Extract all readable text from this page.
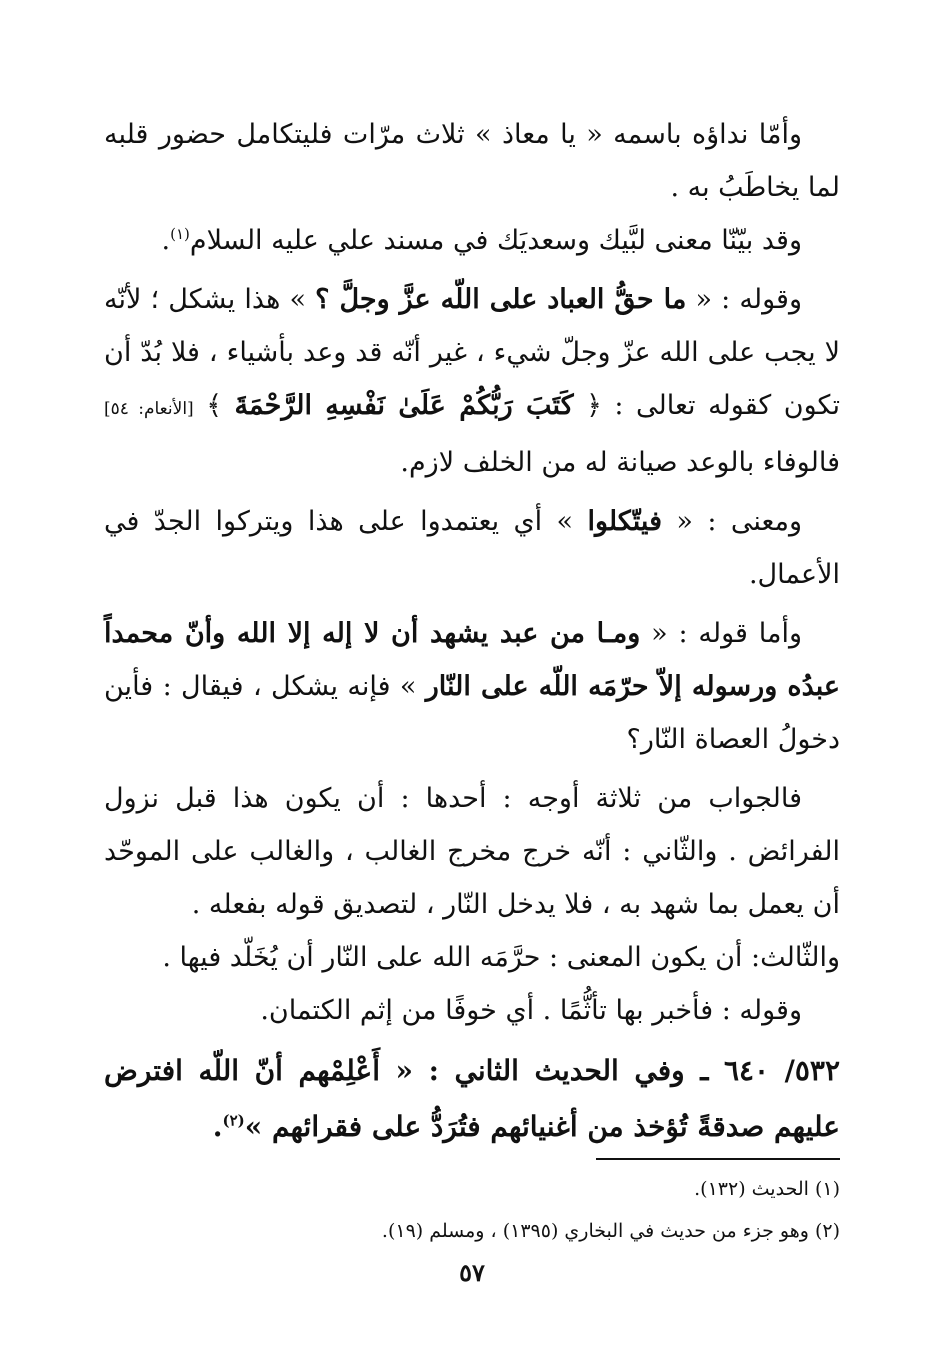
وأمّا نداؤه باسمه « يا معاذ » ثلاث مرّات فليتكامل حضور قلبه لما يخاطَبُ به .

وقد بيّنّا معنى لبَّيك وسعديَك في مسند علي عليه السلام$^{(١)}$.

وقوله : « ما حقُّ العباد على اللّه عزَّ وجلَّ ؟ » هذا يشكل ؛ لأنّه لا يجب على الله عزّ وجلّ شيء ، غير أنّه قد وعد بأشياء ، فلا بُدّ أن تكون كقوله تعالى : ﴿ كَتَبَ رَبُّكُمْ عَلَىٰ نَفْسِهِ الرَّحْمَةَ ﴾ [الأنعام: ٥٤] فالوفاء بالوعد صيانة له من الخلف لازم.

ومعنى : « فيتّكلوا » أي يعتمدوا على هذا ويتركوا الجدّ في الأعمال.

وأما قوله : « ومـا من عبد يشهد أن لا إله إلا الله وأنّ محمداً عبدُه ورسوله إلاّ حرّمَه اللّه على النّار » فإنه يشكل ، فيقال : فأين دخولُ العصاة النّار؟

فالجواب من ثلاثة أوجه : أحدها : أن يكون هذا قبل نزول الفرائض . والثّاني : أنّه خرج مخرج الغالب ، والغالب على الموحّد أن يعمل بما شهد به ، فلا يدخل النّار ، لتصديق قوله بفعله .

والثّالث: أن يكون المعنى : حرَّمَه الله على النّار أن يُخَلّد فيها .

وقوله : فأخبر بها تأثُّمًا . أي خوفًا من إثم الكتمان.

٥٣٢/ ٦٤٠ ـ وفي الحديث الثاني : « أَعْلِمْهم أنّ اللّه افترض عليهم صدقةً تُؤخذ من أغنيائهم فتُرَدُّ على فقرائهم »$^{(٢)}$.

(١) الحديث (١٣٢).

(٢) وهو جزء من حديث في البخاري (١٣٩٥) ، ومسلم (١٩).

٥٧
